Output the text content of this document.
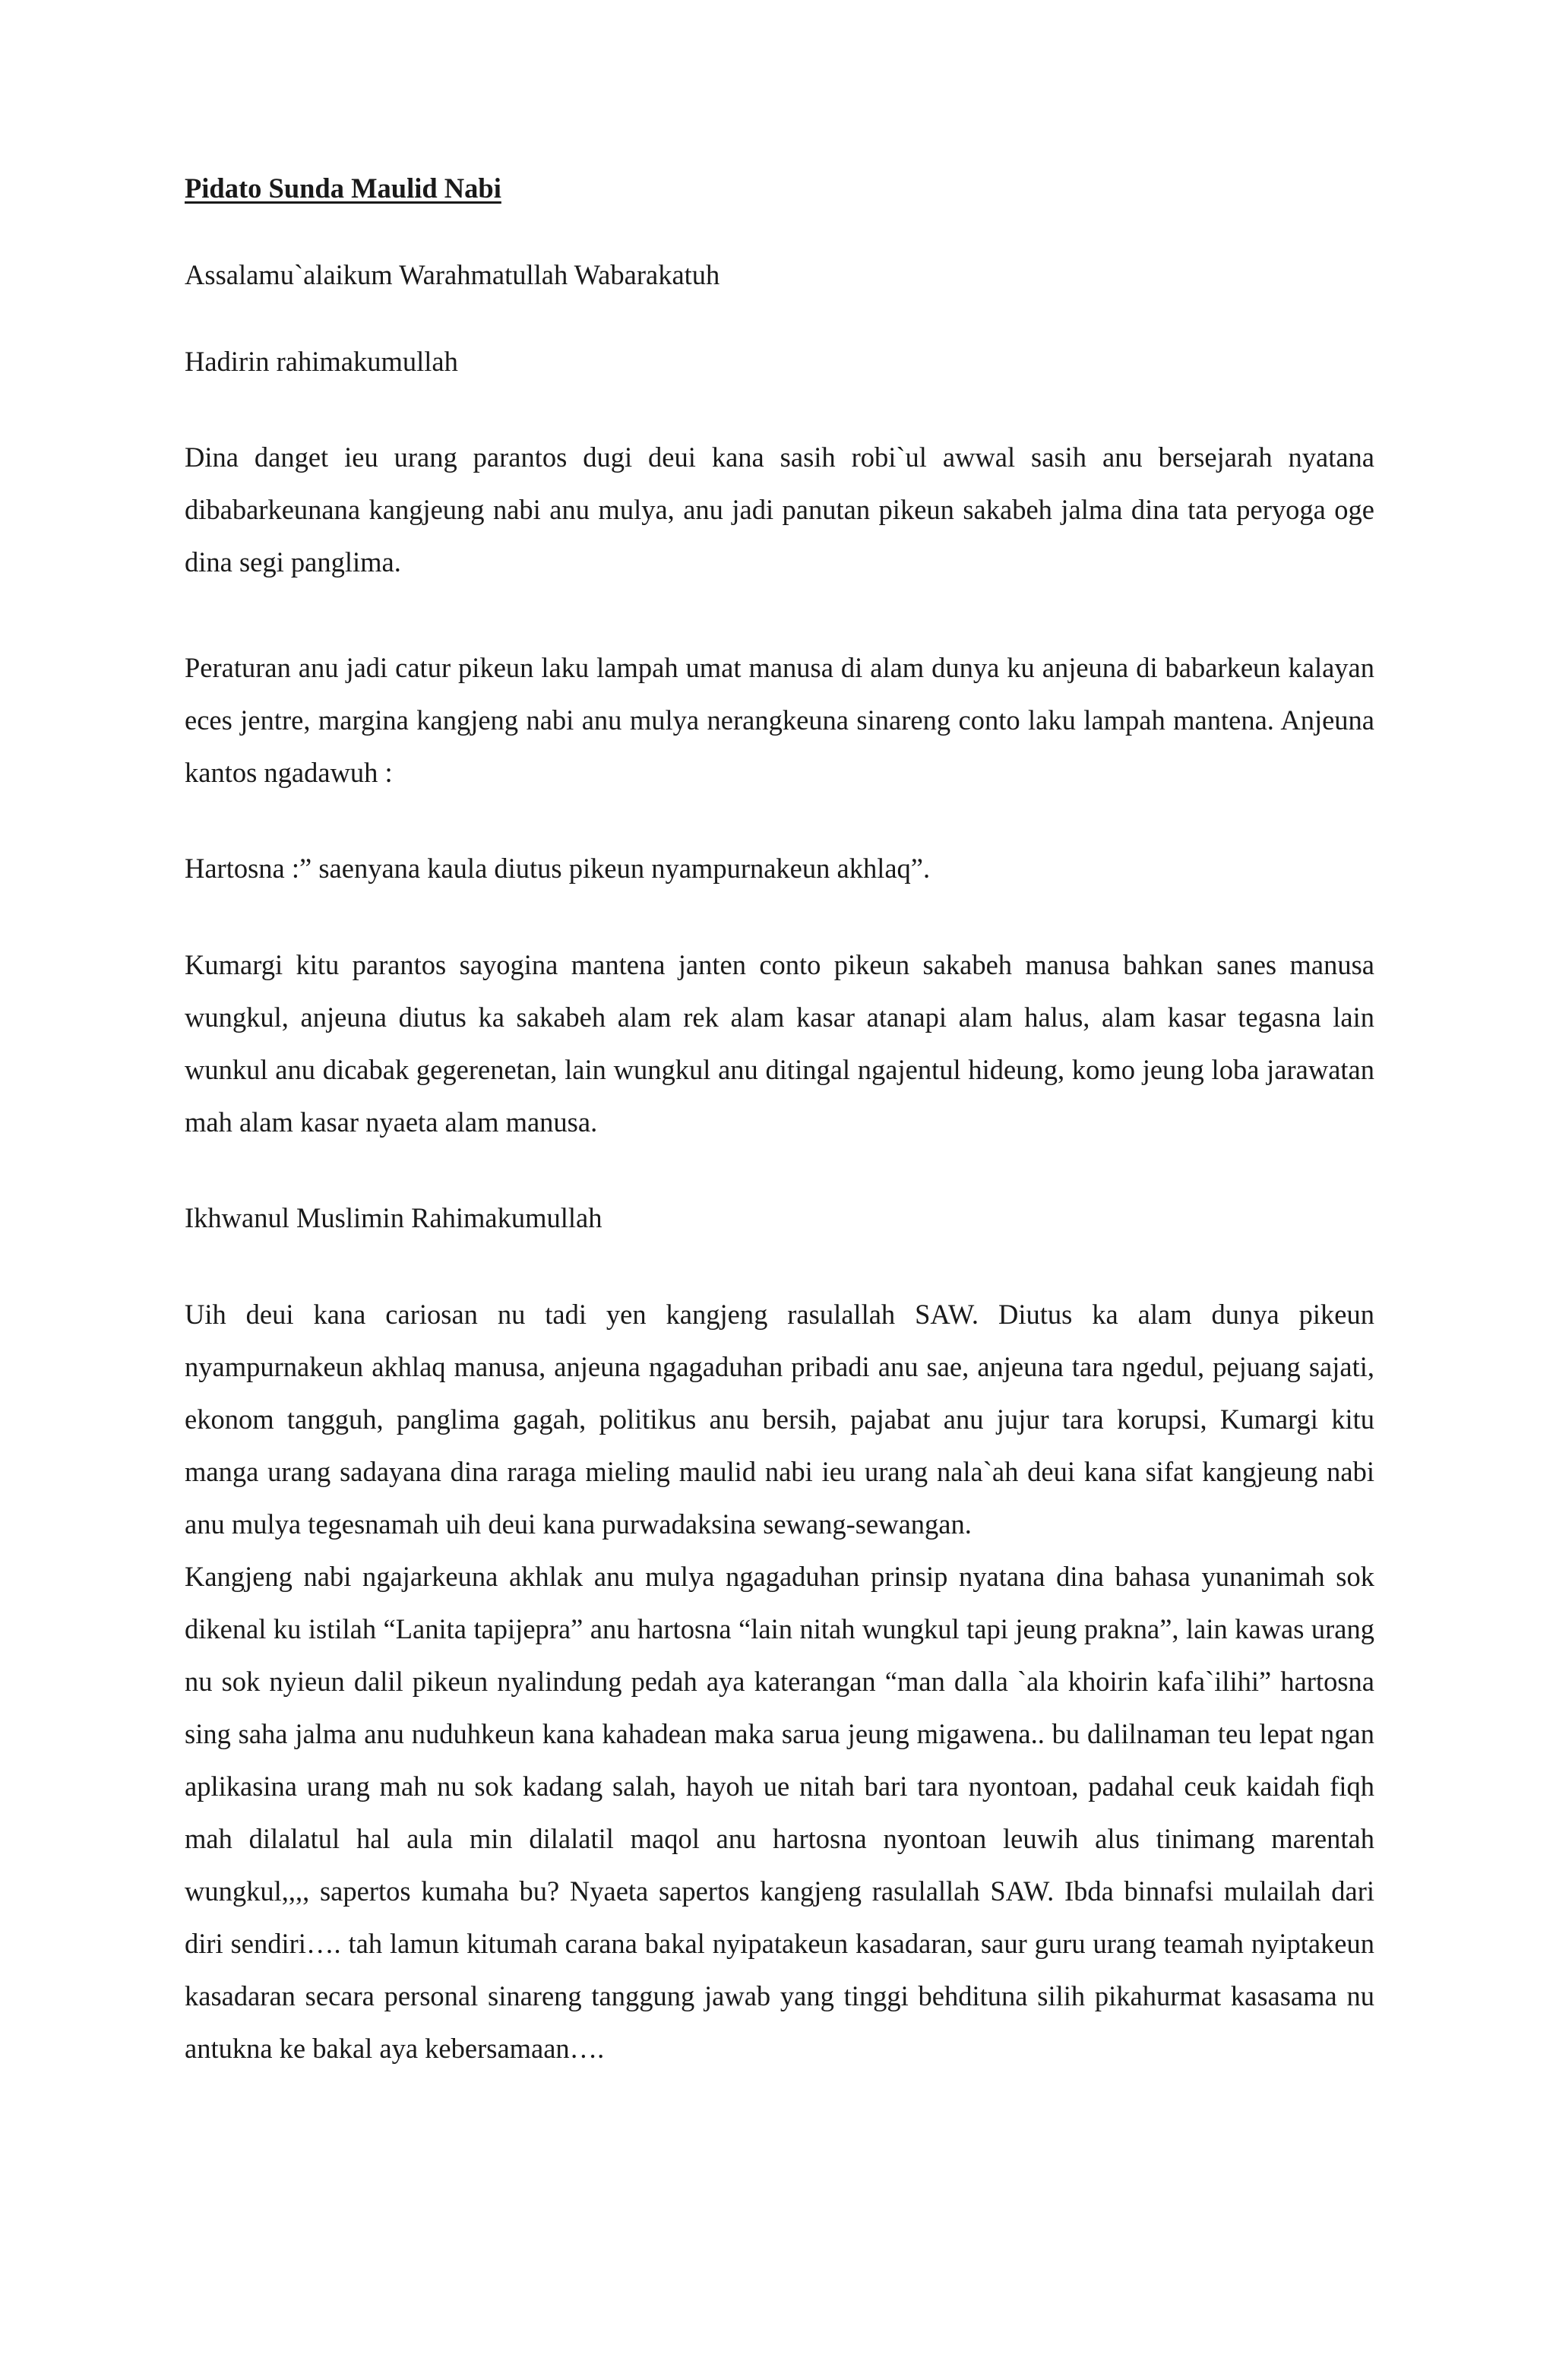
Pidato Sunda Maulid Nabi

Assalamu`alaikum Warahmatullah Wabarakatuh

Hadirin rahimakumullah

Dina danget ieu urang parantos dugi deui kana sasih robi`ul awwal sasih anu bersejarah nyatana dibabarkeunana kangjeung nabi anu mulya, anu jadi panutan pikeun sakabeh jalma dina tata peryoga oge dina segi panglima.

Peraturan anu jadi catur pikeun laku lampah umat manusa di alam dunya ku anjeuna di babarkeun kalayan eces jentre, margina kangjeng nabi anu mulya nerangkeuna sinareng conto laku lampah mantena. Anjeuna kantos ngadawuh :

Hartosna :” saenyana kaula diutus pikeun nyampurnakeun akhlaq”.

Kumargi kitu parantos sayogina mantena janten conto pikeun sakabeh manusa bahkan sanes manusa wungkul, anjeuna diutus ka sakabeh alam rek alam kasar atanapi alam halus, alam kasar tegasna lain wunkul anu dicabak gegerenetan, lain wungkul anu ditingal ngajentul hideung, komo jeung loba jarawatan mah alam kasar nyaeta alam manusa.

Ikhwanul Muslimin Rahimakumullah

Uih deui kana cariosan nu tadi yen kangjeng rasulallah SAW. Diutus ka alam dunya pikeun nyampurnakeun akhlaq manusa, anjeuna ngagaduhan pribadi anu sae, anjeuna tara ngedul, pejuang sajati, ekonom tangguh, panglima gagah, politikus anu bersih, pajabat anu jujur tara korupsi, Kumargi kitu manga urang sadayana dina raraga mieling maulid nabi ieu urang nala`ah deui kana sifat kangjeung nabi anu mulya tegesnamah uih deui kana purwadaksina sewang-sewangan.

Kangjeng nabi ngajarkeuna akhlak anu mulya ngagaduhan prinsip nyatana dina bahasa yunanimah sok dikenal ku istilah “Lanita tapijepra” anu hartosna “lain nitah wungkul tapi jeung prakna”, lain kawas urang nu sok nyieun dalil pikeun nyalindung pedah aya katerangan “man dalla `ala khoirin kafa`ilihi” hartosna sing saha jalma anu nuduhkeun kana kahadean maka sarua jeung migawena.. bu dalilnaman teu lepat ngan aplikasina urang mah nu sok kadang salah, hayoh ue nitah bari tara nyontoan, padahal ceuk kaidah fiqh mah dilalatul hal aula min dilalatil maqol anu hartosna nyontoan leuwih alus tinimang marentah wungkul,,,, sapertos kumaha bu? Nyaeta sapertos kangjeng rasulallah SAW. Ibda binnafsi mulailah dari diri sendiri…. tah lamun kitumah carana bakal nyipatakeun kasadaran, saur guru urang teamah nyiptakeun kasadaran secara personal sinareng tanggung jawab yang tinggi behdituna silih pikahurmat kasasama nu antukna ke bakal aya kebersamaan….
